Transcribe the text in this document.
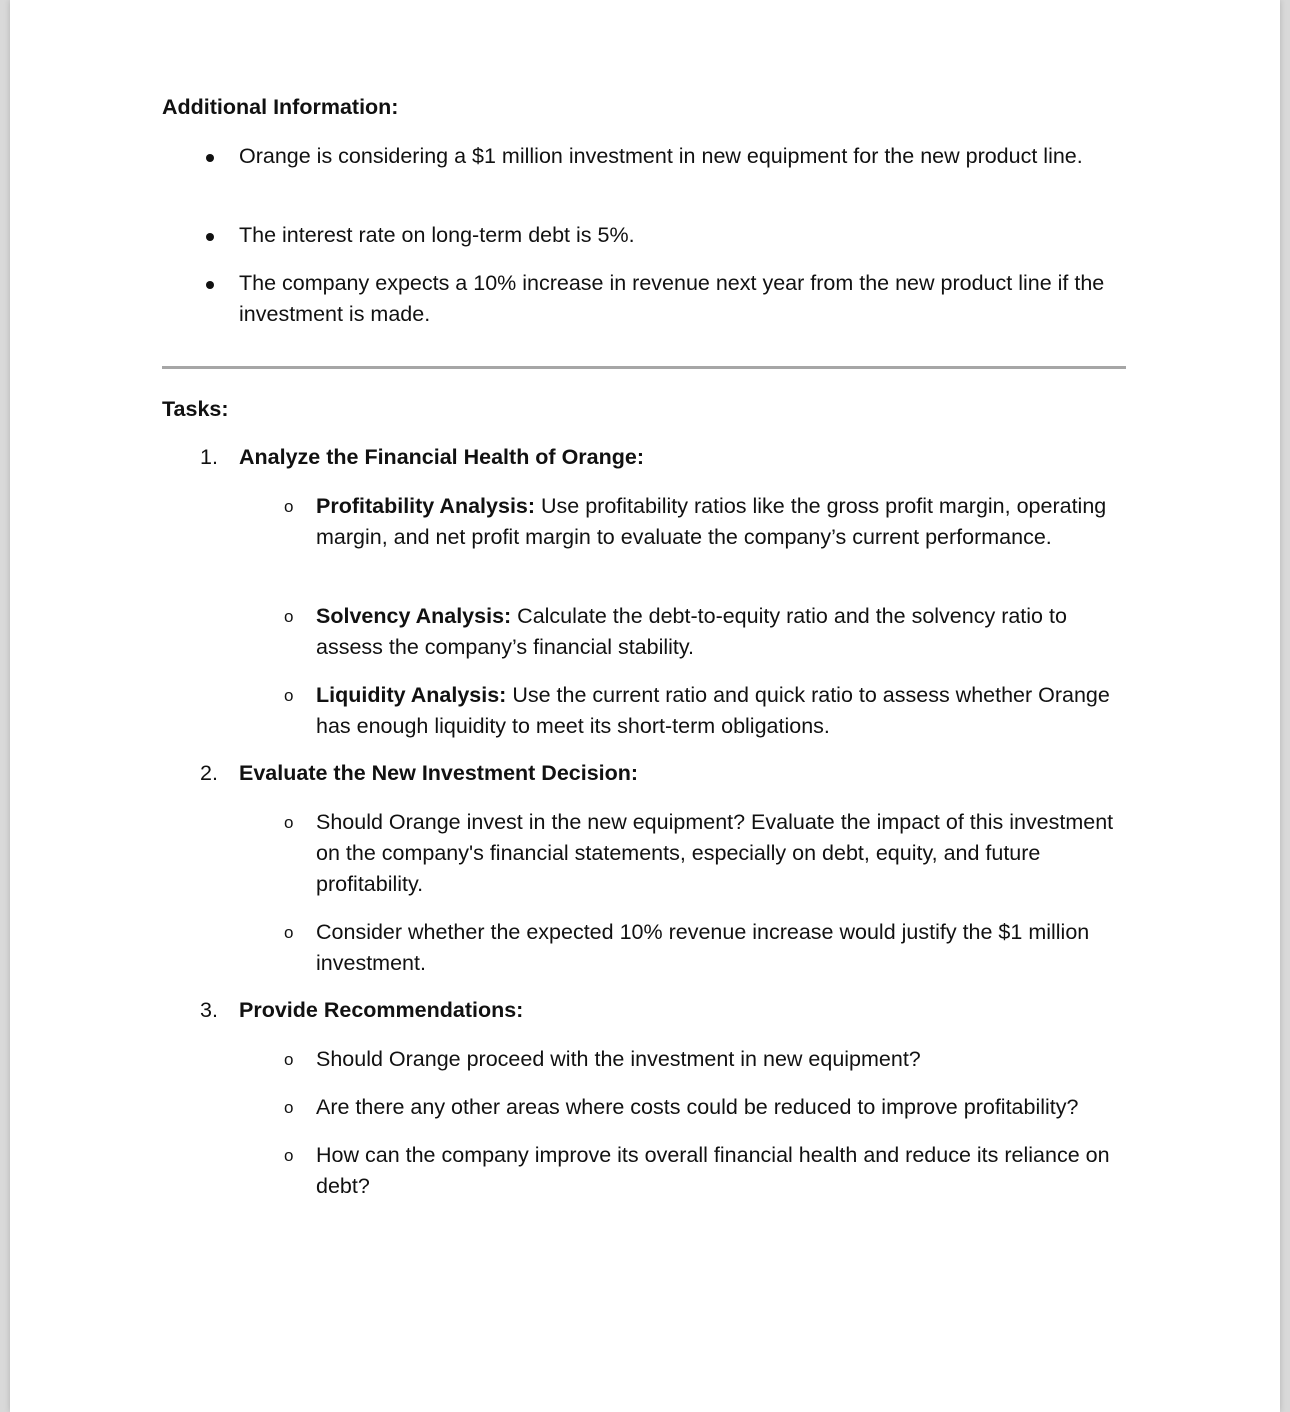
Additional Information:
Orange is considering a $1 million investment in new equipment for the new product line.
The interest rate on long-term debt is 5%.
The company expects a 10% increase in revenue next year from the new product line if the investment is made.
Tasks:
1. Analyze the Financial Health of Orange:
o Profitability Analysis: Use profitability ratios like the gross profit margin, operating margin, and net profit margin to evaluate the company’s current performance.
o Solvency Analysis: Calculate the debt-to-equity ratio and the solvency ratio to assess the company’s financial stability.
o Liquidity Analysis: Use the current ratio and quick ratio to assess whether Orange has enough liquidity to meet its short-term obligations.
2. Evaluate the New Investment Decision:
o Should Orange invest in the new equipment? Evaluate the impact of this investment on the company's financial statements, especially on debt, equity, and future profitability.
o Consider whether the expected 10% revenue increase would justify the $1 million investment.
3. Provide Recommendations:
o Should Orange proceed with the investment in new equipment?
o Are there any other areas where costs could be reduced to improve profitability?
o How can the company improve its overall financial health and reduce its reliance on debt?
